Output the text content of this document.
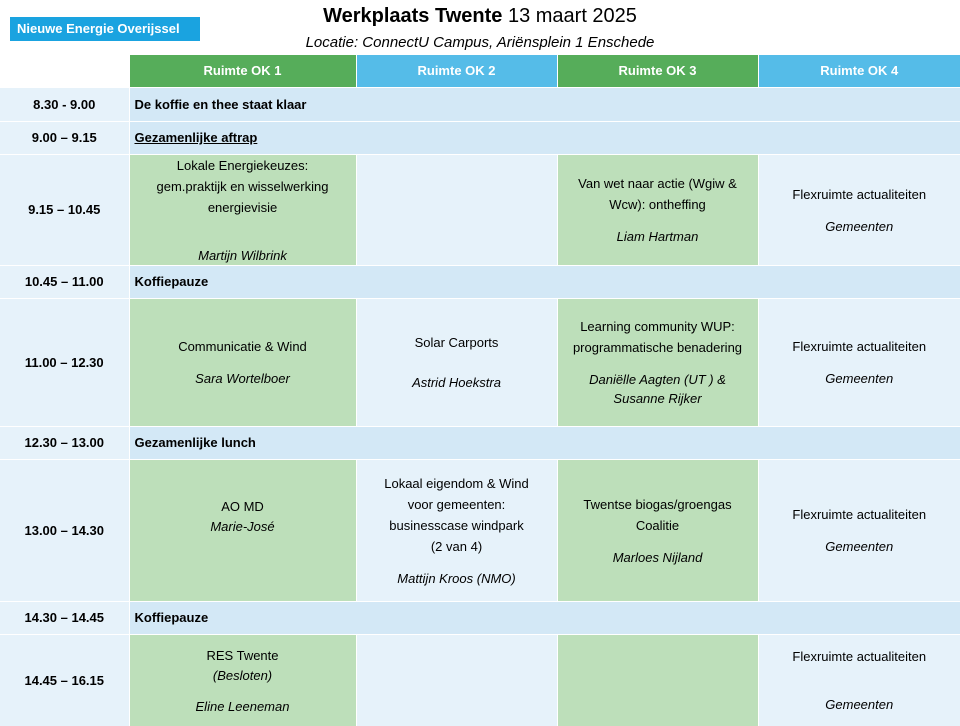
Nieuwe Energie Overijssel
Werkplaats Twente 13 maart 2025
Locatie: ConnectU Campus, Ariënsplein 1 Enschede
	Ruimte OK 1	Ruimte OK 2	Ruimte OK 3	Ruimte OK 4
8.30 - 9.00	De koffie en thee staat klaar			
9.00 – 9.15	Gezamenlijke aftrap			
9.15 – 10.45	Lokale Energiekeuzes:
gem.praktijk en wisselwerking
energievisie
Martijn Wilbrink		Van wet naar actie (Wgiw &
Wcw): ontheffing
Liam Hartman	Flexruimte actualiteiten
Gemeenten

10.45 – 11.00	Koffiepauze			
11.00 – 12.30	Communicatie & Wind
Sara Wortelboer	Solar Carports
Astrid Hoekstra	Learning community WUP:
programmatische benadering
Daniëlle Aagten (UT ) &
Susanne Rijker	Flexruimte actualiteiten
Gemeenten

12.30 – 13.00	Gezamenlijke lunch			
13.00 – 14.30	AO MD
Marie-José	Lokaal eigendom & Wind
voor gemeenten:
businesscase windpark
(2 van 4)
Mattijn Kroos (NMO)	Twentse biogas/groengas
Coalitie
Marloes Nijland	Flexruimte actualiteiten
Gemeenten

14.30 – 14.45	Koffiepauze			
14.45 – 16.15	RES Twente
(Besloten)
Eline Leeneman			Flexruimte actualiteiten
Gemeenten
